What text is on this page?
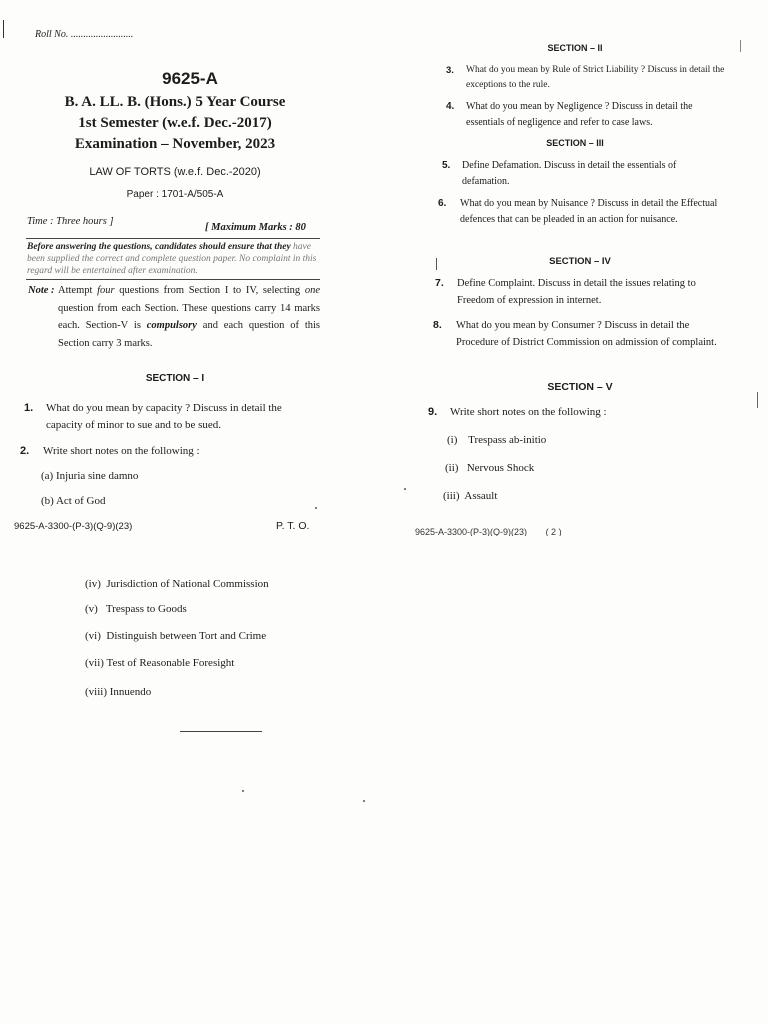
Roll No. .........................
9625-A
B. A. LL. B. (Hons.) 5 Year Course
1st Semester (w.e.f. Dec.-2017)
Examination – November, 2023
LAW OF TORTS (w.e.f. Dec.-2020)
Paper : 1701-A/505-A
Time : Three hours ]
[ Maximum Marks : 80
Before answering the questions, candidates should ensure that they have been supplied the correct and complete question paper. No complaint in this regard will be entertained after examination.
Note : Attempt four questions from Section I to IV, selecting one question from each Section. These questions carry 14 marks each. Section-V is compulsory and each question of this Section carry 3 marks.
SECTION – I
1. What do you mean by capacity ? Discuss in detail the capacity of minor to sue and to be sued.
2. Write short notes on the following :
(a) Injuria sine damno
(b) Act of God
9625-A-3300-(P-3)(Q-9)(23)	P. T. O.
SECTION – II
3. What do you mean by Rule of Strict Liability ? Discuss in detail the exceptions to the rule.
4. What do you mean by Negligence ? Discuss in detail the essentials of negligence and refer to case laws.
SECTION – III
5. Define Defamation. Discuss in detail the essentials of defamation.
6. What do you mean by Nuisance ? Discuss in detail the Effectual defences that can be pleaded in an action for nuisance.
SECTION – IV
7. Define Complaint. Discuss in detail the issues relating to Freedom of expression in internet.
8. What do you mean by Consumer ? Discuss in detail the Procedure of District Commission on admission of complaint.
SECTION – V
9. Write short notes on the following :
(i)    Trespass ab-initio
(ii)   Nervous Shock
(iii)  Assault
9625-A-3300-(P-3)(Q-9)(23) ( 2 )
(iv)  Jurisdiction of National Commission
(v)   Trespass to Goods
(vi)  Distinguish between Tort and Crime
(vii) Test of Reasonable Foresight
(viii) Innuendo
